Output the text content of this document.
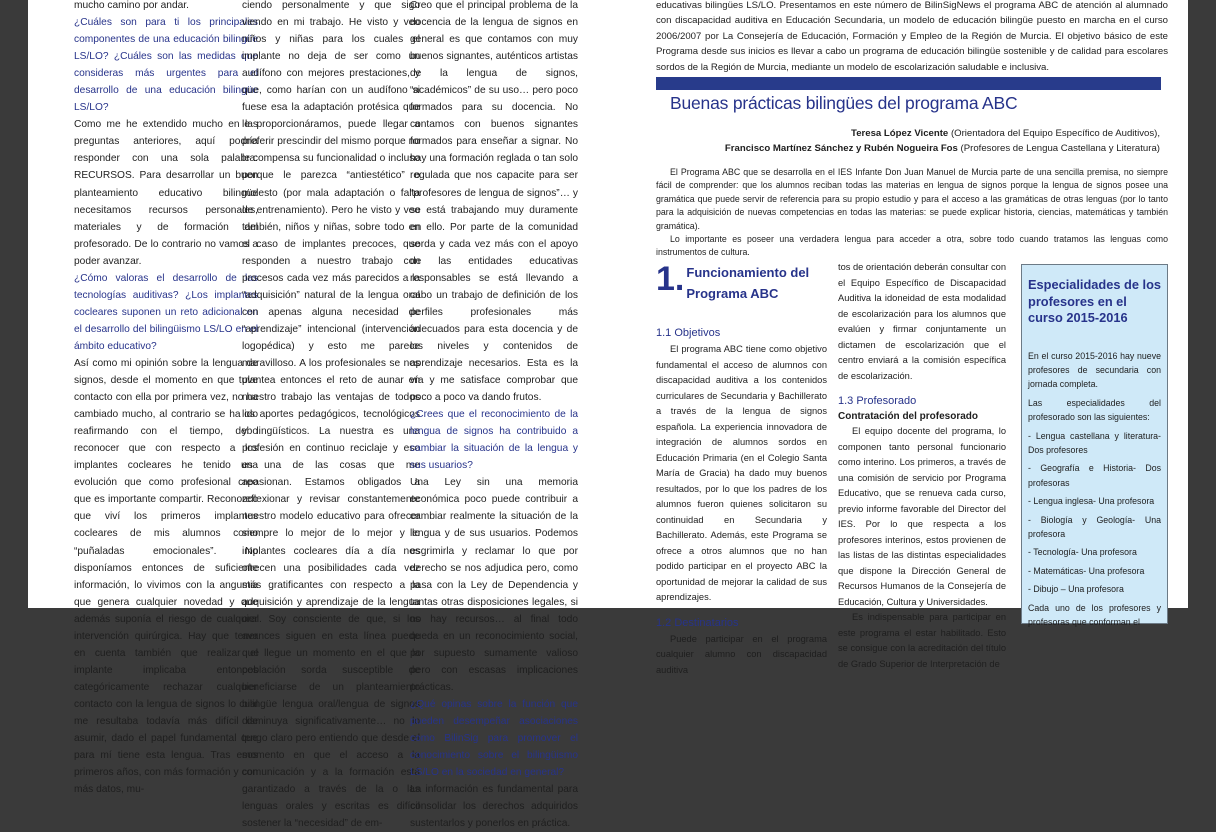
mucho camino por andar.

¿Cuáles son para ti los principales componentes de una educación bilingüe LS/LO? ¿Cuáles son las medidas que consideras más urgentes para el desarrollo de una educación bilingüe LS/LO?

Como me he extendido mucho en las preguntas anteriores, aquí podría responder con una sola palabra: RECURSOS. Para desarrollar un buen planteamiento educativo bilingüe necesitamos recursos personales, materiales y de formación del profesorado. De lo contrario no vamos a poder avanzar.

¿Cómo valoras el desarrollo de las tecnologías auditivas? ¿Los implantes cocleares suponen un reto adicional en el desarrollo del bilingüismo LS/LO en el ámbito educativo?

Así como mi opinión sobre la lengua de signos, desde el momento en que tuve contacto con ella por primera vez, no ha cambiado mucho, al contrario se ha ido reafirmando con el tiempo, debo reconocer que con respecto a los implantes cocleares he tenido una evolución que como profesional creo que es importante compartir. Reconozco que viví los primeros implantes cocleares de mis alumnos como “puñaladas emocionales”. No disponíamos entonces de suficiente información, lo vivimos con la angustia que genera cualquier novedad y que además suponía el riesgo de cualquier intervención quirúrgica. Hay que tener en cuenta también que realizar el implante implicaba entonces categóricamente rechazar cualquier contacto con la lengua de signos lo cual me resultaba todavía más difícil de asumir, dado el papel fundamental que para mí tiene esta lengua. Tras esos primeros años, con más formación y con más datos, mu-

ciendo personalmente y que sigo viendo en mi trabajo. He visto y veo niños y niñas para los cuales el implante no deja de ser como un audífono con mejores prestaciones, y que, como harían con un audífono si fuese esa la adaptación protésica que le proporcionáramos, puede llegar a preferir prescindir del mismo porque no le compensa su funcionalidad o incluso porque le parezca “antiestético” o molesto (por mala adaptación o falta de entrenamiento). Pero he visto y veo también, niños y niñas, sobre todo en el caso de implantes precoces, que responden a nuestro trabajo con procesos cada vez más parecidos a la “adquisición” natural de la lengua oral con apenas alguna necesidad de “aprendizaje” intencional (intervención logopédica) y esto me parece maravilloso. A los profesionales se nos plantea entonces el reto de aunar en nuestro trabajo las ventajas de todos los aportes pedagógicos, tecnológicos y lingüísticos. La nuestra es una profesión en continuo reciclaje y eso es una de las cosas que me apasionan. Estamos obligados a reflexionar y revisar constantemente nuestro modelo educativo para ofrecer siempre lo mejor de lo mejor y lo implantes cocleares día a día nos ofrecen una posibilidades cada vez más gratificantes con respecto a la adquisición y aprendizaje de la lengua oral. Soy consciente de que, si los avances siguen en esta línea puede que llegue un momento en el que la población sorda susceptible de beneficiarse de un planteamiento bilingüe lengua oral/lengua de signos disminuya significativamente… no lo tengo claro pero entiendo que desde el momento en que el acceso a la comunicación y a la formación está garantizado a través de la o las lenguas orales y escritas es difícil sostener la “necesidad” de em-

Creo que el principal problema de la docencia de la lengua de signos en general es que contamos con muy buenos signantes, auténticos artistas de la lengua de signos, “académicos” de su uso… pero poco formados para su docencia. No contamos con buenos signantes formados para enseñar a signar. No hay una formación reglada o tan solo regulada que nos capacite para ser “profesores de lengua de signos”… y se está trabajando muy duramente en ello. Por parte de la comunidad sorda y cada vez más con el apoyo de las entidades educativas responsables se está llevando a cabo un trabajo de definición de los perfiles profesionales más adecuados para esta docencia y de los niveles y contenidos de aprendizaje necesarios. Esta es la vía y me satisface comprobar que poco a poco va dando frutos.

¿Crees que el reconocimiento de la lengua de signos ha contribuido a cambiar la situación de la lengua y sus usuarios?

Una Ley sin una memoria económica poco puede contribuir a cambiar realmente la situación de la lengua y de sus usuarios. Podemos esgrimirla y reclamar lo que por derecho se nos adjudica pero, como pasa con la Ley de Dependencia y tantas otras disposiciones legales, si no hay recursos… al final todo queda en un reconocimiento social, por supuesto sumamente valioso pero con escasas implicaciones prácticas.

¿Qué opinas sobre la función que pueden desempeñar asociaciones como BilinSig para promover el conocimiento sobre el bilingüismo LS/LO en la sociedad en general?

La información es fundamental para consolidar los derechos adquiridos sustentarlos y ponerlos en práctica.

educativas bilingües LS/LO. Presentamos en este número de BilinSigNews el programa ABC de atención al alumnado con discapacidad auditiva en Educación Secundaria, un modelo de educación bilingüe puesto en marcha en el curso 2006/2007 por La Consejería de Educación, Formación y Empleo de la Región de Murcia. El objetivo básico de este Programa desde sus inicios es llevar a cabo un programa de educación bilingüe sostenible y de calidad para escolares sordos de la Región de Murcia, mediante un modelo de escolarización saludable e inclusiva.

Buenas prácticas bilingües del programa ABC
Teresa López Vicente (Orientadora del Equipo Específico de Auditivos),
Francisco Martínez Sánchez y Rubén Nogueira Fos (Profesores de Lengua Castellana y Literatura)

El Programa ABC que se desarrolla en el IES Infante Don Juan Manuel de Murcia parte de una sencilla premisa, no siempre fácil de comprender: que los alumnos reciban todas las materias en lengua de signos porque la lengua de signos posee una gramática que puede servir de referencia para su propio estudio y para el acceso a las gramáticas de otras lenguas (por lo tanto para la adquisición de nuevas competencias en todas las materias: se puede explicar historia, ciencias, matemáticas y también gramática).

Lo importante es poseer una verdadera lengua para acceder a otra, sobre todo cuando tratamos las lenguas como instrumentos de cultura.

1. Funcionamiento del Programa ABC

1.1 Objetivos

El programa ABC tiene como objetivo fundamental el acceso de alumnos con discapacidad auditiva a los contenidos curriculares de Secundaria y Bachillerato a través de la lengua de signos española. La experiencia innovadora de integración de alumnos sordos en Educación Primaria (en el Colegio Santa María de Gracia) ha dado muy buenos resultados, por lo que los padres de los alumnos fueron quienes solicitaron su continuidad en Secundaria y Bachillerato. Además, este Programa se ofrece a otros alumnos que no han podido participar en el proyecto ABC la oportunidad de mejorar la calidad de sus aprendizajes.

1.2 Destinatarios

Puede participar en el programa cualquier alumno con discapacidad auditiva

tos de orientación deberán consultar con el Equipo Específico de Discapacidad Auditiva la idoneidad de esta modalidad de escolarización para los alumnos que evalúen y firmar conjuntamente un dictamen de escolarización que el centro enviará a la comisión específica de escolarización.

1.3 Profesorado

Contratación del profesorado

El equipo docente del programa, lo componen tanto personal funcionario como interino. Los primeros, a través de una comisión de servicio por Programa Educativo, que se renueva cada curso, previo informe favorable del Director del IES. Por lo que respecta a los profesores interinos, estos provienen de las listas de las distintas especialidades que dispone la Dirección General de Recursos Humanos de la Consejería de Educación, Cultura y Universidades.

Es indispensable para participar en este programa el estar habilitado. Esto se consigue con la acreditación del título de Grado Superior de Interpretación de

Especialidades de los profesores en el curso 2015-2016

En el curso 2015-2016 hay nueve profesores de secundaria con jornada completa.

Las especialidades del profesorado son las siguientes:

- Lengua castellana y literatura- Dos profesores

- Geografía e Historia- Dos profesoras

- Lengua inglesa- Una profesora

- Biología y Geología- Una profesora

- Tecnología- Una profesora

- Matemáticas- Una profesora

- Dibujo – Una profesora

Cada uno de los profesores y profesoras que conforman el
